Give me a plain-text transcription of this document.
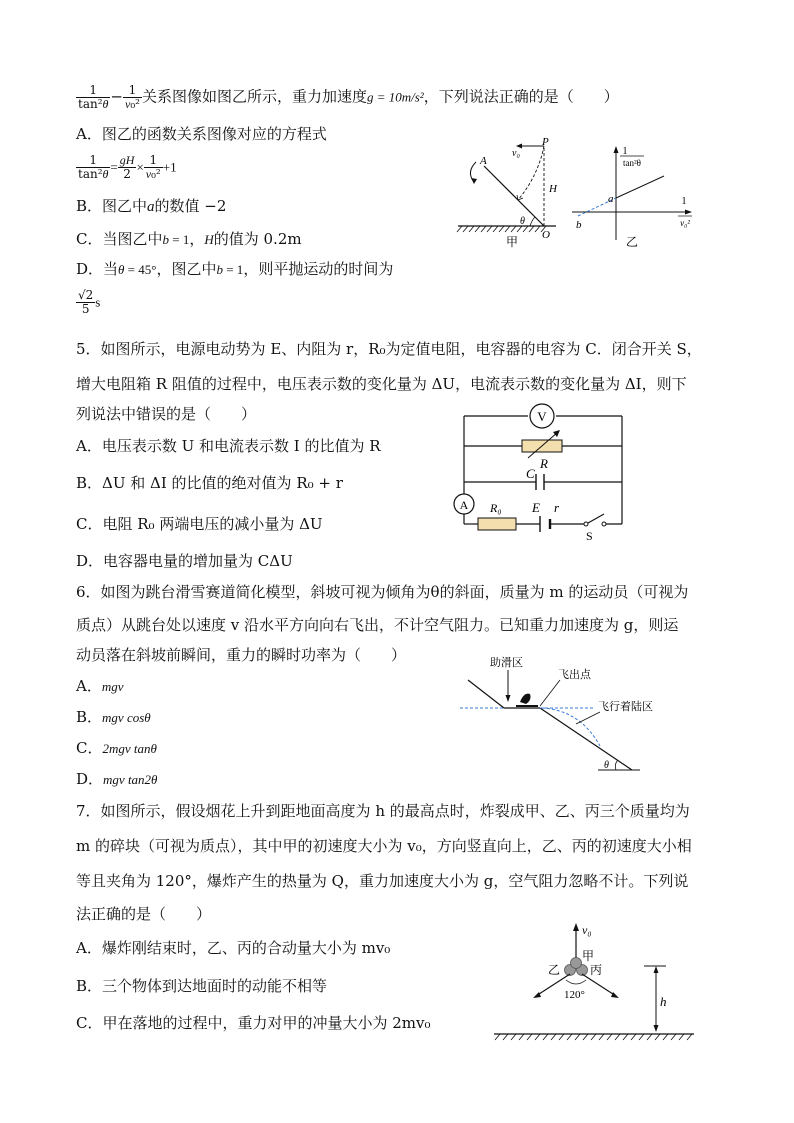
$\frac{1}{\text{tan²θ}} - \frac{1}{\text{v₀²}}$ 关系图像如图乙所示，重力加速度g = 10m/s²，下列说法正确的是（　　）
A．图乙的函数关系图像对应的方程式
$\frac{1}{\text{tan²θ}} = \frac{gH}{2} \times \frac{1}{\text{v₀²}} +1$
B．图乙中a的数值 −2
C．当图乙中b = 1，H的值为 0.2m
D．当θ = 45°，图乙中b = 1，则平抛运动的时间为
$\frac{√2}{5}$ s
A
v₀
P
H
O
θ
甲
a
b
1
tan²θ
1
v₀²
乙
5．如图所示，电源电动势为 E、内阻为 r，R₀为定值电阻，电容器的电容为 C．闭合开关 S，
增大电阻箱 R 阻值的过程中，电压表示数的变化量为 ΔU，电流表示数的变化量为 ΔI，则下
列说法中错误的是（　　）
A．电压表示数 U 和电流表示数 I 的比值为 R
B．ΔU 和 ΔI 的比值的绝对值为 R₀ + r
C．电阻 R₀ 两端电压的减小量为 ΔU
D．电容器电量的增加量为 CΔU
V
R
C
A R₀ E r
S
6．如图为跳台滑雪赛道简化模型，斜坡可视为倾角为θ的斜面，质量为 m 的运动员（可视为
质点）从跳台处以速度 v 沿水平方向向右飞出，不计空气阻力。已知重力加速度为 g，则运
动员落在斜坡前瞬间，重力的瞬时功率为（　　）
A．mgv
B．mgv cosθ
C．2mgv tanθ
D．mgv tan2θ
助滑区
飞出点
飞行着陆区
θ
7．如图所示，假设烟花上升到距地面高度为 h 的最高点时，炸裂成甲、乙、丙三个质量均为
m 的碎块（可视为质点），其中甲的初速度大小为 v₀，方向竖直向上，乙、丙的初速度大小相
等且夹角为 120°，爆炸产生的热量为 Q，重力加速度大小为 g，空气阻力忽略不计。下列说
法正确的是（　　）
A．爆炸刚结束时，乙、丙的合动量大小为 mv₀
B．三个物体到达地面时的动能不相等
C．甲在落地的过程中，重力对甲的冲量大小为 2mv₀
v₀
甲
乙 丙
120°	h
